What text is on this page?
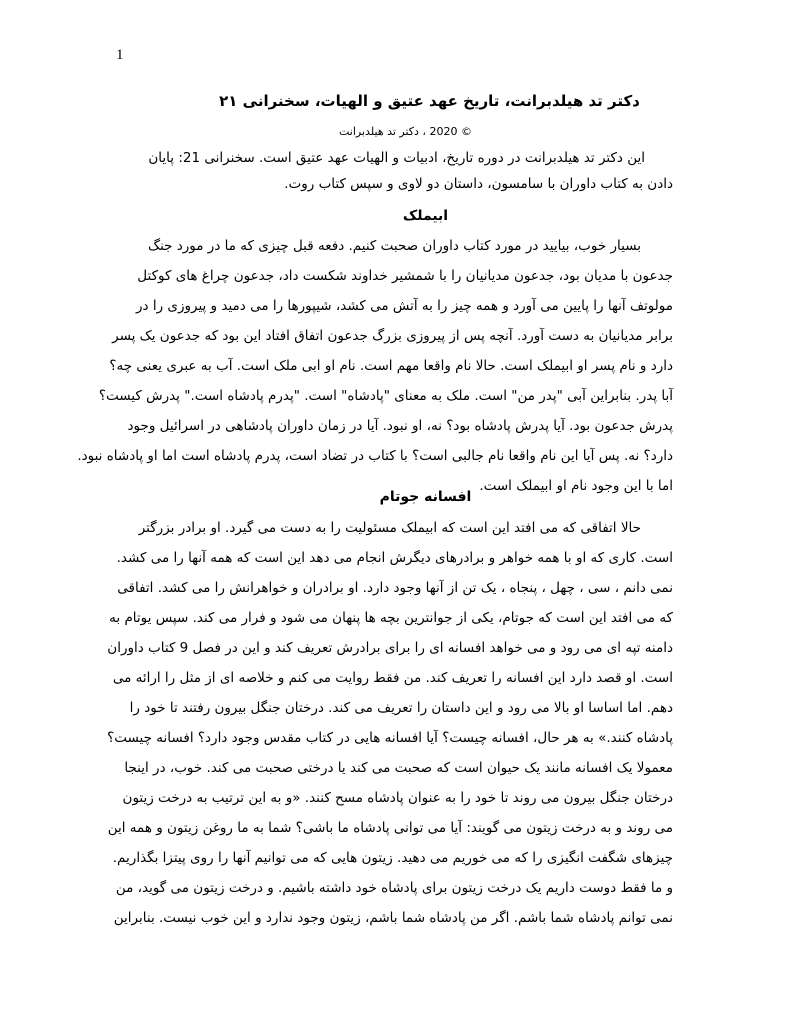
1
دکتر تد هیلدبرانت، تاریخ عهد عتیق و الهیات، سخنرانی ۲۱
© 2020 ، دکتر تد هیلدبرانت
این دکتر تد هیلدبرانت در دوره تاریخ، ادبیات و الهیات عهد عتیق است. سخنرانی 21: پایان
دادن به کتاب داوران با سامسون، داستان دو لاوی و سپس کتاب روت.
ابیملک
بسیار خوب، بیایید در مورد کتاب داوران صحبت کنیم. دفعه قبل چیزی که ما در مورد جنگ
جدعون با مدیان بود، جدعون مدیانیان را با شمشیر خداوند شکست داد، جدعون چراغ های کوکتل
مولوتف آنها را پایین می آورد و همه چیز را به آتش می کشد، شیپورها را می دمید و پیروزی را در
برابر مدیانیان به دست آورد. آنچه پس از پیروزی بزرگ جدعون اتفاق افتاد این بود که جدعون یک پسر
دارد و نام پسر او ابیملک است. حالا نام واقعا مهم است. نام او ابی ملک است. آب به عبری یعنی چه؟
آبا پدر. بنابراین آبی "پدر من" است. ملک به معنای "پادشاه" است. "پدرم پادشاه است." پدرش کیست؟
پدرش جدعون بود. آیا پدرش پادشاه بود؟ نه، او نبود. آیا در زمان داوران پادشاهی در اسرائیل وجود
دارد؟ نه. پس آیا این نام واقعا نام جالبی است؟ با کتاب در تضاد است، پدرم پادشاه است اما او پادشاه نبود.
اما با این وجود نام او ابیملک است.
افسانه جوتام
حالا اتفاقی که می افتد این است که ابیملک مسئولیت را به دست می گیرد. او برادر بزرگتر
است. کاری که او با همه خواهر و برادرهای دیگرش انجام می دهد این است که همه آنها را می کشد.
نمی دانم ، سی ، چهل ، پنجاه ، یک تن از آنها وجود دارد. او برادران و خواهرانش را می کشد. اتفاقی
که می افتد این است که جوتام، یکی از جوانترین بچه ها پنهان می شود و فرار می کند. سپس یوتام به
دامنه تپه ای می رود و می خواهد افسانه ای را برای برادرش تعریف کند و این در فصل 9 کتاب داوران
است. او قصد دارد این افسانه را تعریف کند. من فقط روایت می کنم و خلاصه ای از مثل را ارائه می
دهم. اما اساسا او بالا می رود و این داستان را تعریف می کند. درختان جنگل بیرون رفتند تا خود را
پادشاه کنند.» به هر حال، افسانه چیست؟ آیا افسانه هایی در کتاب مقدس وجود دارد؟ افسانه چیست؟
معمولا یک افسانه مانند یک حیوان است که صحبت می کند یا درختی صحبت می کند. خوب، در اینجا
درختان جنگل بیرون می روند تا خود را به عنوان پادشاه مسح کنند. «و به این ترتیب به درخت زیتون
می روند و به درخت زیتون می گویند: آیا می توانی پادشاه ما باشی؟ شما به ما روغن زیتون و همه این
چیزهای شگفت انگیزی را که می خوریم می دهید. زیتون هایی که می توانیم آنها را روی پیتزا بگذاریم.
و ما فقط دوست داریم یک درخت زیتون برای پادشاه خود داشته باشیم. و درخت زیتون می گوید، من
نمی توانم پادشاه شما باشم. اگر من پادشاه شما باشم، زیتون وجود ندارد و این خوب نیست. بنابراین
